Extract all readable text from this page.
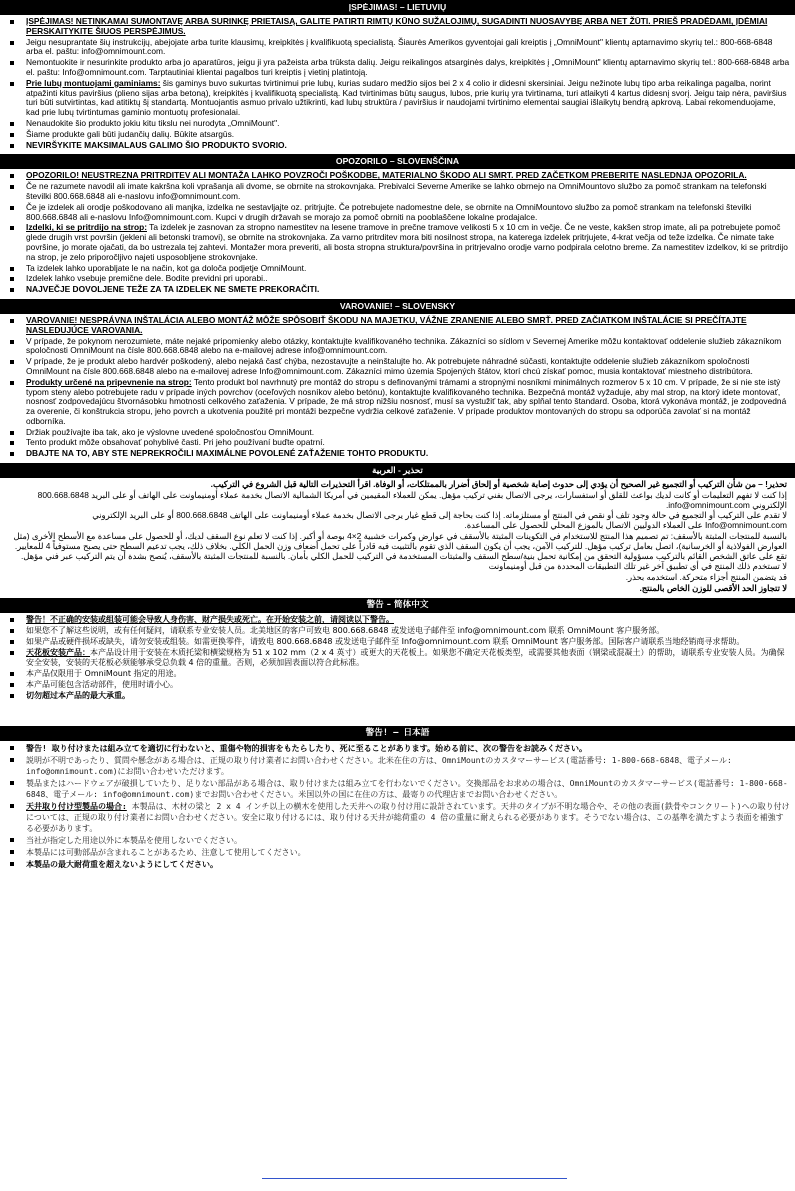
ĮSPĖJIMAS! – LIETUVIŲ
ĮSPĖJIMAS! NETINKAMAI SUMONTAVĘ ARBA SURINKĘ PRIETAISĄ, GALITE PATIRTI RIMTŲ KŪNO SUŽALOJIMŲ, SUGADINTI NUOSAVYBĘ ARBA NET ŽŪTI. PRIEŠ PRADĖDAMI, ĮDĖMIAI PERSKAITYKITE ŠIUOS PERSPĖJIMUS.
Jeigu nesuprantate šių instrukcijų, abejojate arba turite klausimų, kreipkitės į kvalifikuotą specialistą. Šiaurės Amerikos gyventojai gali kreiptis į „OmniMount" klientų aptarnavimo skyrių tel.: 800-668-6848 arba el. paštu: info@omnimount.com.
Nemontuokite ir nesurinkite produkto arba jo aparatūros, jeigu ji yra pažeista arba trūksta dalių. Jeigu reikalingos atsarginės dalys, kreipkitės į „OmniMount" klientų aptarnavimo skyrių tel.: 800-668-6848 arba el. paštu: Info@omnimount.com. Tarptautiniai klientai pagalbos turi kreiptis į vietinį platintoją.
Prie lubų montuojami gaminiams: šis gaminys buvo sukurtas tvirtinimui prie lubų, kurias sudaro medžio sijos bei 2 x 4 colio ir didesni skersiniai. Jeigu nežinote lubų tipo arba reikalinga pagalba, norint atpažinti kitus paviršius (plieno sijas arba betoną), kreipkitės į kvalifikuotą specialistą. Kad tvirtinimas būtų saugus, lubos, prie kurių yra tvirtinama, turi atlaikyti 4 kartus didesnį svorį. Jeigu taip nėra, paviršius turi būti sutvirtintas, kad atitiktų šį standartą. Montuojantis asmuo privalo užtikrinti, kad lubų struktūra / paviršius ir naudojami tvirtinimo elementai saugiai išlaikytų bendrą apkrovą. Labai rekomenduojame, kad prie lubų tvirtintumas gaminio montuotų profesionalai.
Nenaudokite šio produkto jokiu kitu tikslu nei nurodyta „OmniMount".
Šiame produkte gali būti judančių dalių. Būkite atsargūs.
NEVIRŠYKITE MAKSIMALAUS GALIMO ŠIO PRODUKTO SVORIO.
OPOZORILO – SLOVENŠČINA
OPOZORILO! NEUSTREZNA PRITRDITEV ALI MONTAŽA LAHKO POVZROČI POŠKODBE, MATERIALNO ŠKODO ALI SMRT. PRED ZAČETKOM PREBERITE NASLEDNJA OPOZORILA.
Če ne razumete navodil ali imate kakršna koli vprašanja ali dvome, se obrnite na strokovnjaka. Prebivalci Severne Amerike se lahko obrnejo na OmniMountovo službo za pomoč strankam na telefonski številki 800.668.6848 ali e-naslovu info@omnimount.com.
Če je izdelek ali orodje poškodovano ali manjka, izdelka ne sestavljajte oz. pritrjujte. Če potrebujete nadomestne dele, se obrnite na OmniMountovo službo za pomoč strankam na telefonski številki 800.668.6848 ali e-naslovu Info@omnimount.com. Kupci v drugih državah se morajo za pomoč obrniti na pooblaščene lokalne prodajalce.
Izdelki, ki se pritrdijo na strop: Ta izdelek je zasnovan za stropno namestitev na lesene tramove in prečne tramove velikosti 5 x 10 cm in večje. Če ne veste, kakšen strop imate, ali pa potrebujete pomoč glede drugih vrst površin (jekleni ali betonski tramovi), se obrnite na strokovnjaka. Za varno pritrditev mora biti nosilnost stropa, na katerega izdelek pritrjujete, 4-krat večja od teže izdelka. Če nimate take površine, jo morate ojačati, da bo ustrezala tej zahtevi. Montažer mora preveriti, ali bosta stropna struktura/površina in pritrjevalno orodje varno podpirala celotno breme. Za namestitev izdelkov, ki se pritrdijo na strop, je zelo priporočljivo najeti usposobljene strokovnjake.
Ta izdelek lahko uporabljate le na način, kot ga določa podjetje OmniMount.
Izdelek lahko vsebuje premične dele. Bodite previdni pri uporabi..
NAJVEČJE DOVOLJENE TEŽE ZA TA IZDELEK NE SMETE PREKORAČITI.
VAROVANIE! – SLOVENSKY
VAROVANIE! NESPRÁVNA INŠTALÁCIA ALEBO MONTÁŽ MÔŽE SPÔSOBIŤ ŠKODU NA MAJETKU, VÁŽNE ZRANENIE ALEBO SMRŤ. PRED ZAČIATKOM INŠTALÁCIE SI PREČÍTAJTE NASLEDUJÚCE VAROVANIA.
V prípade, že pokynom nerozumiete, máte nejaké pripomienky alebo otázky, kontaktujte kvalifikovaného technika. Zákazníci so sídlom v Severnej Amerike môžu kontaktovať oddelenie služieb zákazníkom spoločnosti OmniMount na čísle 800.668.6848 alebo na e-mailovej adrese info@omnimount.com.
V prípade, že je produkt alebo hardvér poškodený, alebo nejaká časť chýba, nezostavujte a neinštalujte ho. Ak potrebujete náhradné súčasti, kontaktujte oddelenie služieb zákazníkom spoločnosti OmniMount na čísle 800.668.6848 alebo na e-mailovej adrese Info@omnimount.com. Zákazníci mimo územia Spojených štátov, ktorí chcú získať pomoc, musia kontaktovať miestneho distribútora.
Produkty určené na pripevnenie na strop: Tento produkt bol navrhnutý pre montáž do stropu s definovanými trámami a stropnými nosníkmi minimálnych rozmerov 5 x 10 cm. V prípade, že si nie ste istý typom steny alebo potrebujete radu v prípade iných povrchov (oceľových nosníkov alebo betónu), kontaktujte kvalifikovaného technika. Bezpečná montáž vyžaduje, aby mal strop, na ktorý idete montovať, nosnosť zodpovedajúcu štvornásobku hmotnosti celkového zaťaženia. V prípade, že má strop nižšiu nosnosť, musí sa vystužiť tak, aby splňal tento štandard. Osoba, ktorá vykonáva montáž, je zodpovedná za overenie, či konštrukcia stropu, jeho povrch a ukotvenia použité pri montáži bezpečne vydržia celkové zaťaženie. V prípade produktov montovaných do stropu sa odporúča zavolať si na montáž odborníka.
Držiak používajte iba tak, ako je výslovne uvedené spoločnosťou OmniMount.
Tento produkt môže obsahovať pohyblivé časti. Pri jeho používaní buďte opatrní.
DBAJTE NA TO, ABY STE NEPREKROČILI MAXIMÁLNE POVOLENÉ ZAŤAŽENIE TOHTO PRODUKTU.
تحذير - العربية
تحذير! – من شأن التركيب أو التجميع غير الصحيح أن يؤدي إلى حدوث إصابة شخصية أو إلحاق أضرار بالممتلكات، أو الوفاة. اقرأ التحذيرات التالية قبل الشروع في التركيب.
إذا كنت لا تفهم التعليمات أو كانت لديك بواعث للقلق أو استفسارات، يرجى الاتصال بفني تركيب مؤهل. يمكن للعملاء المقيمين في أمريكا الشمالية الاتصال بخدمة عملاء أومنيماونت على الهاتف أو على البريد 800.668.6848 الإلكتروني info@omnimount.com.
لا تقدم على التركيب أو التجميع في حالة وجود تلف أو نقص في المنتج أو مستلزماته. إذا كنت بحاجة إلى قطع غيار يرجى الاتصال بخدمة عملاء أومنيماونت على الهاتف 800.668.6848 أو على البريد الإلكتروني Info@omnimount.com على العملاء الدوليين الاتصال بالموزع المحلي للحصول على المساعدة.
بالنسبة للمنتجات المثبتة بالأسقف: تم تصميم هذا المنتج للاستخدام في التكوينات المثبتة بالأسقف في عوارض وكمرات خشبية 2×4 بوصة أو أكبر. إذا كنت لا تعلم نوع السقف لديك، أو للحصول على مساعدة مع الأسطح الأخرى (مثل العوارض الفولاذية أو الخرسانية)، اتصل بعامل تركيب مؤهل. للتركيب الآمن، يجب أن يكون السقف الذي تقوم بالتثبيت فيه قادراً على تحمل أضعاف وزن الحمل الكلي. بخلاف ذلك، يجب تدعيم السطح حتى يصبح مستوفياً 4 للمعايير. تقع على عاتق الشخص القائم بالتركيب مسؤولية التحقق من إمكانية تحمل بنية/سطح السقف والمثبتات المستخدمة في التركيب للحمل الكلي بأمان. بالنسبة للمنتجات المثبتة بالأسقف، يُنصح بشدة أن يتم التركيب عبر فني مؤهل.
لا تستخدم ذلك المنتج في أي تطبيق آخر غير تلك التطبيقات المحددة من قبل أومنيماونت
قد يتضمن المنتج أجزاء متحركة. استخدمه بحذر.
لا تتجاوز الحد الأقصى للوزن الخاص بالمنتج.
警告 – 简体中文
警告！不正确的安装或组装可能会导致人身伤害、财产损失或死亡。在开始安装之前，请阅读以下警告。
如果您不了解这些说明，或有任何疑问，请联系专业安装人员。北美地区的客户可致电 800.668.6848 或发送电子邮件至 info@omnimount.com 联系 OmniMount 客户服务部。
如果产品或硬件损坏或缺失，请勿安装或组装。如需更换零件，请致电 800.668.6848 或发送电子邮件至 Info@omnimount.com 联系 OmniMount 客户服务部。国际客户请联系当地经销商寻求帮助。
天花板安装产品：本产品设计用于安装在木质托梁和横梁规格为 51 x 102 mm（2 x 4 英寸）或更大的天花板上。如果您不确定天花板类型，或需要其他表面（钢梁或混凝土）的帮助，请联系专业安装人员。为确保安全安装，安装的天花板必须能够承受总负载 4 倍的重量。否则，必须加固表面以符合此标准。
本产品仅限用于 OmniMount 指定的用途。
本产品可能包含活动部件，使用时请小心。
切勿超过本产品的最大承重。
警告! – 日本語
警告! 取り付けまたは組み立てを適切に行わないと、重傷や物的損害をもたらしたり、死に至ることがあります。始める前に、次の警告をお読みください。
説明が不明であったり、質問や懸念がある場合は、正規の取り付け業者にお問い合わせください。北米在住の方は、OmniMountのカスタマーサービス(電話番号: 1-800-668-6848、電子メール: info@omnimount.com)にお問い合わせいただけます。
製品またはハードウェアが破損していたり、足りない部品がある場合は、取り付けまたは組み立てを行わないでください。交換部品をお求めの場合は、OmniMountのカスタマーサービス(電話番号: 1-800-668-6848、電子メール: info@omnimount.com)までお問い合わせください。米国以外の国に在住の方は、最寄りの代理店までお問い合わせください。
天井取り付け型製品の場合: 本製品は、木材の梁と 2 x 4 インチ以上の横木を使用した天井への取り付け用に設計されています。天井のタイプが不明な場合や、その他の表面(鉄骨やコンクリート)への取り付けについては、正規の取り付け業者にお問い合わせください。安全に取り付けるには、取り付ける天井が総荷重の 4 倍の重量に耐えられる必要があります。そうでない場合は、この基準を満たすよう表面を補強する必要があります。
当社が指定した用途以外に本製品を使用しないでください。
本製品には可動部品が含まれることがあるため、注意して使用してください。
本製品の最大耐荷重を超えないようにしてください。
